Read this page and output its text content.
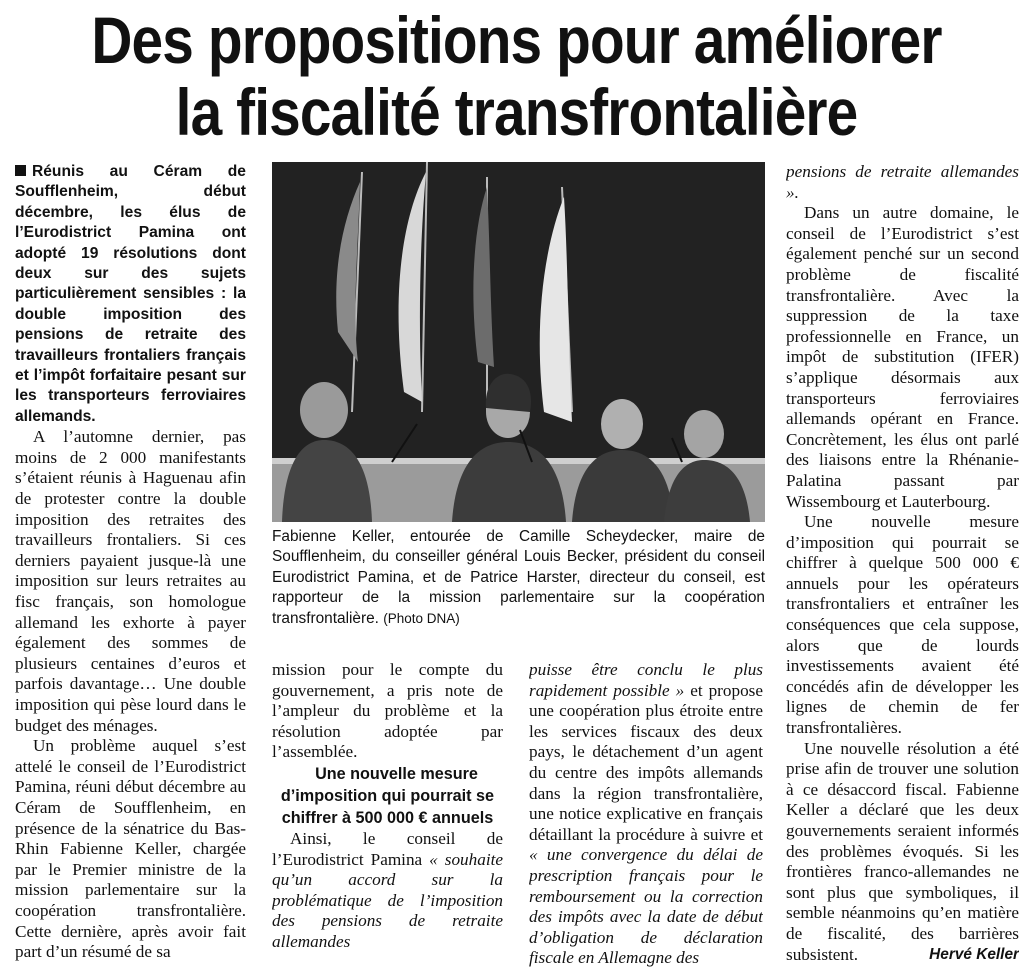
Des propositions pour améliorer
la fiscalité transfrontalière

Réunis au Céram de Soufflenheim, début décembre, les élus de l’Eurodistrict Pamina ont adopté 19 résolutions dont deux sur des sujets particulièrement sensibles : la double imposition des pensions de retraite des travailleurs frontaliers français et l’impôt forfaitaire pesant sur les transporteurs ferroviaires allemands.

A l’automne dernier, pas moins de 2 000 manifestants s’étaient réunis à Haguenau afin de protester contre la double imposition des retraites des travailleurs frontaliers. Si ces derniers payaient jusque-là une imposition sur leurs retraites au fisc français, son homologue allemand les exhorte à payer également des sommes de plusieurs centaines d’euros et parfois davantage… Une double imposition qui pèse lourd dans le budget des ménages.

Un problème auquel s’est attelé le conseil de l’Eurodistrict Pamina, réuni début décembre au Céram de Soufflenheim, en présence de la sénatrice du Bas-Rhin Fabienne Keller, chargée par le Premier ministre de la mission parlementaire sur la coopération transfrontalière. Cette dernière, après avoir fait part d’un résumé de sa

Fabienne Keller, entourée de Camille Scheydecker, maire de Soufflenheim, du conseiller général Louis Becker, président du conseil Eurodistrict Pamina, et de Patrice Harster, directeur du conseil, est rapporteur de la mission parlementaire sur la coopération transfrontalière. (Photo DNA)

mission pour le compte du gouvernement, a pris note de l’ampleur du problème et la résolution adoptée par l’assemblée.

Une nouvelle mesure d’imposition qui pourrait se chiffrer à 500 000 € annuels

Ainsi, le conseil de l’Eurodistrict Pamina « souhaite qu’un accord sur la problématique de l’imposition des pensions de retraite allemandes

puisse être conclu le plus rapidement possible » et propose une coopération plus étroite entre les services fiscaux des deux pays, le détachement d’un agent du centre des impôts allemands dans la région transfrontalière, une notice explicative en français détaillant la procédure à suivre et « une convergence du délai de prescription français pour le remboursement ou la correction des impôts avec la date de début d’obligation de déclaration fiscale en Allemagne des

pensions de retraite allemandes ».

Dans un autre domaine, le conseil de l’Eurodistrict s’est également penché sur un second problème de fiscalité transfrontalière. Avec la suppression de la taxe professionnelle en France, un impôt de substitution (IFER) s’applique désormais aux transporteurs ferroviaires allemands opérant en France. Concrètement, les élus ont parlé des liaisons entre la Rhénanie-Palatina passant par Wissembourg et Lauterbourg.

Une nouvelle mesure d’imposition qui pourrait se chiffrer à quelque 500 000 € annuels pour les opérateurs transfrontaliers et entraîner les conséquences que cela suppose, alors que de lourds investissements avaient été concédés afin de développer les lignes de chemin de fer transfrontalières.

Une nouvelle résolution a été prise afin de trouver une solution à ce désaccord fiscal. Fabienne Keller a déclaré que les deux gouvernements seraient informés des problèmes évoqués. Si les frontières franco-allemandes ne sont plus que symboliques, il semble néanmoins qu’en matière de fiscalité, des barrières subsistent.	Hervé Keller
